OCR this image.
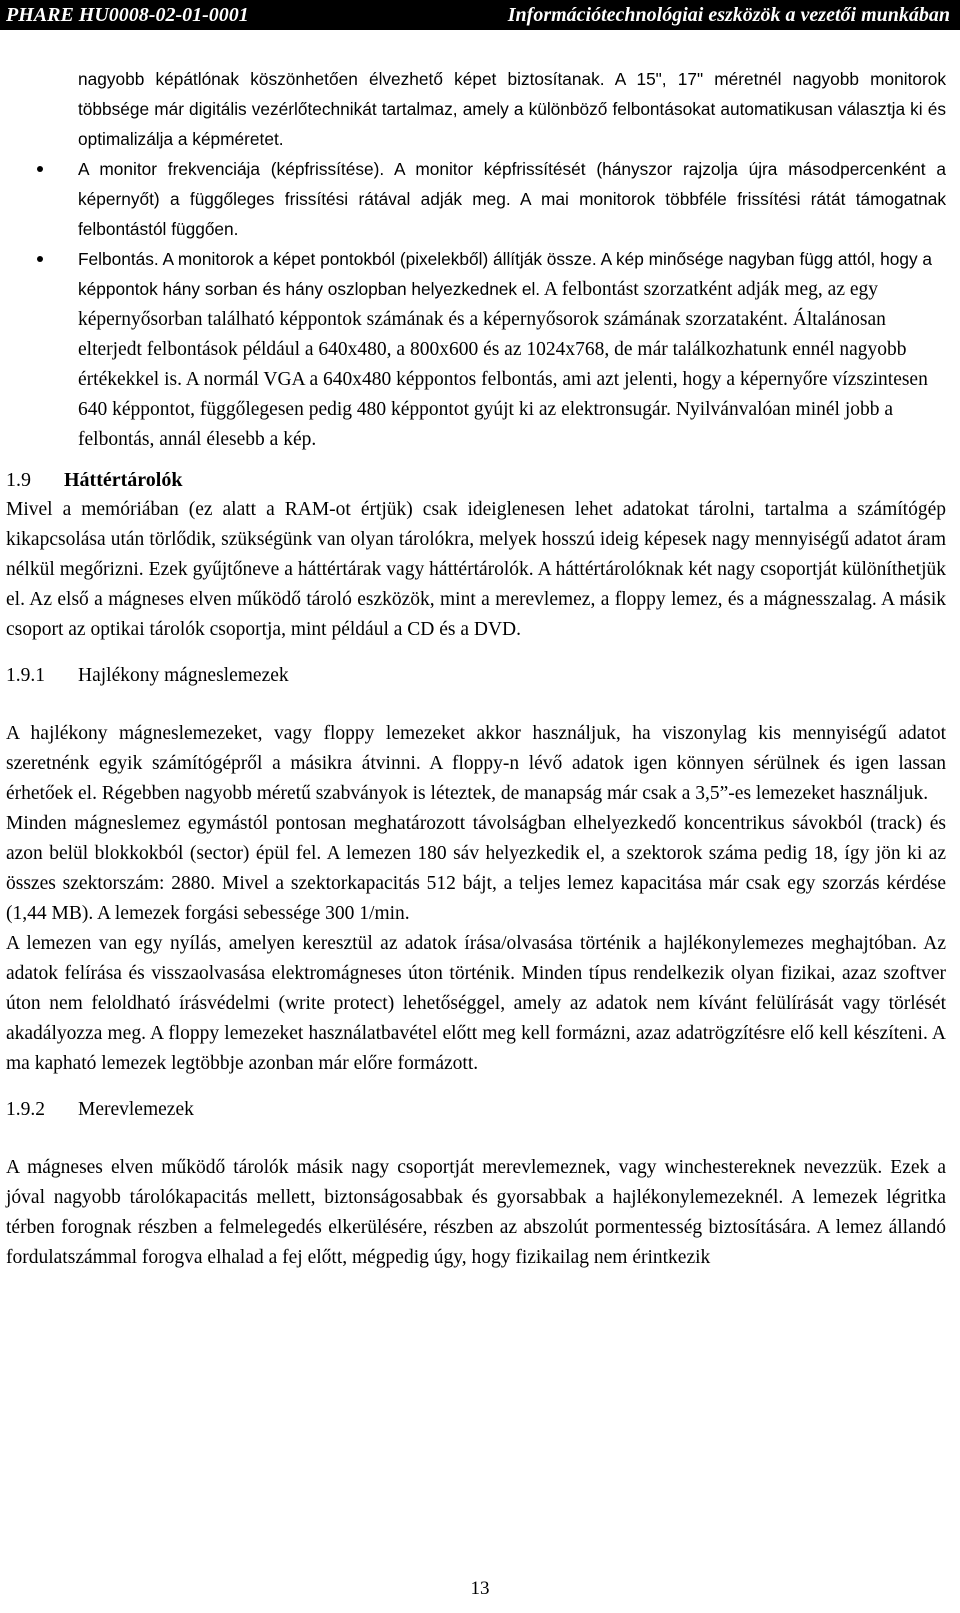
PHARE HU0008-02-01-0001	Információtechnológiai eszközök a vezetői munkában

nagyobb képátlónak köszönhetően élvezhető képet biztosítanak. A 15", 17" méretnél nagyobb monitorok többsége már digitális vezérlőtechnikát tartalmaz, amely a különböző felbontásokat automatikusan választja ki és optimalizálja a képméretet.

A monitor frekvenciája (képfrissítése). A monitor képfrissítését (hányszor rajzolja újra másodpercenként a képernyőt) a függőleges frissítési rátával adják meg. A mai monitorok többféle frissítési rátát támogatnak felbontástól függően.

Felbontás. A monitorok a képet pontokból (pixelekből) állítják össze. A kép minősége nagyban függ attól, hogy a képpontok hány sorban és hány oszlopban helyezkednek el. A felbontást szorzatként adják meg, az egy képernyősorban található képpontok számának és a képernyősorok számának szorzataként. Általánosan elterjedt felbontások például a 640x480, a 800x600 és az 1024x768, de már találkozhatunk ennél nagyobb értékekkel is. A normál VGA a 640x480 képpontos felbontás, ami azt jelenti, hogy a képernyőre vízszintesen 640 képpontot, függőlegesen pedig 480 képpontot gyújt ki az elektronsugár. Nyilvánvalóan minél jobb a felbontás, annál élesebb a kép.

1.9 Háttértárolók

Mivel a memóriában (ez alatt a RAM-ot értjük) csak ideiglenesen lehet adatokat tárolni, tartalma a számítógép kikapcsolása után törlődik, szükségünk van olyan tárolókra, melyek hosszú ideig képesek nagy mennyiségű adatot áram nélkül megőrizni. Ezek gyűjtőneve a háttértárak vagy háttértárolók. A háttértárolóknak két nagy csoportját különíthetjük el. Az első a mágneses elven működő tároló eszközök, mint a merevlemez, a floppy lemez, és a mágnesszalag. A másik csoport az optikai tárolók csoportja, mint például a CD és a DVD.

1.9.1 Hajlékony mágneslemezek

A hajlékony mágneslemezeket, vagy floppy lemezeket akkor használjuk, ha viszonylag kis mennyiségű adatot szeretnénk egyik számítógépről a másikra átvinni. A floppy-n lévő adatok igen könnyen sérülnek és igen lassan érhetőek el. Régebben nagyobb méretű szabványok is léteztek, de manapság már csak a 3,5”-es lemezeket használjuk.

Minden mágneslemez egymástól pontosan meghatározott távolságban elhelyezkedő koncentrikus sávokból (track) és azon belül blokkokból (sector) épül fel. A lemezen 180 sáv helyezkedik el, a szektorok száma pedig 18, így jön ki az összes szektorszám: 2880. Mivel a szektorkapacitás 512 bájt, a teljes lemez kapacitása már csak egy szorzás kérdése (1,44 MB). A lemezek forgási sebessége 300 1/min.

A lemezen van egy nyílás, amelyen keresztül az adatok írása/olvasása történik a hajlékonylemezes meghajtóban. Az adatok felírása és visszaolvasása elektromágneses úton történik. Minden típus rendelkezik olyan fizikai, azaz szoftver úton nem feloldható írásvédelmi (write protect) lehetőséggel, amely az adatok nem kívánt felülírását vagy törlését akadályozza meg. A floppy lemezeket használatbavétel előtt meg kell formázni, azaz adatrögzítésre elő kell készíteni. A ma kapható lemezek legtöbbje azonban már előre formázott.

1.9.2 Merevlemezek

A mágneses elven működő tárolók másik nagy csoportját merevlemeznek, vagy winchestereknek nevezzük. Ezek a jóval nagyobb tárolókapacitás mellett, biztonságosabbak és gyorsabbak a hajlékonylemezeknél. A lemezek légritka térben forognak részben a felmelegedés elkerülésére, részben az abszolút pormentesség biztosítására. A lemez állandó fordulatszámmal forogva elhalad a fej előtt, mégpedig úgy, hogy fizikailag nem érintkezik

13
